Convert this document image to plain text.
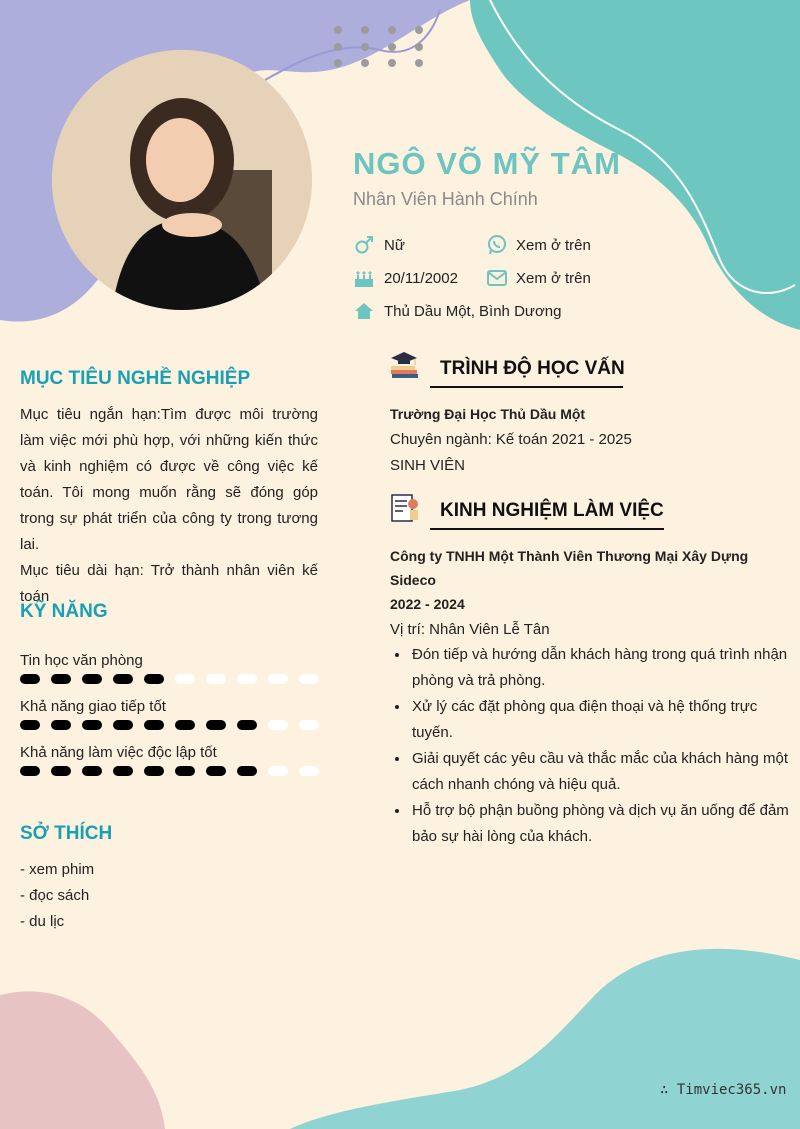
NGÔ VÕ MỸ TÂM
Nhân Viên Hành Chính
Nữ	Xem ở trên
20/11/2002	Xem ở trên
Thủ Dầu Một, Bình Dương
MỤC TIÊU NGHỀ NGHIỆP

Mục tiêu ngắn hạn:Tìm được môi trường làm việc mới phù hợp, với những kiến thức và kinh nghiệm có được về công việc kế toán. Tôi mong muốn rằng sẽ đóng góp trong sự phát triển của công ty trong tương lai.

Mục tiêu dài hạn: Trở thành nhân viên kế toán

KỸ NĂNG
Tin học văn phòng
Khả năng giao tiếp tốt
Khả năng làm việc độc lập tốt
SỞ THÍCH
- xem phim
- đọc sách
- du lịc
TRÌNH ĐỘ HỌC VẤN
Trường Đại Học Thủ Dầu Một
Chuyên ngành: Kế toán 2021 - 2025
SINH VIÊN
KINH NGHIỆM LÀM VIỆC
Công ty TNHH Một Thành Viên Thương Mại Xây Dựng Sideco
2022 - 2024
Vị trí: Nhân Viên Lễ Tân
• Đón tiếp và hướng dẫn khách hàng trong quá trình nhận phòng và trả phòng.
• Xử lý các đặt phòng qua điện thoại và hệ thống trực tuyến.
• Giải quyết các yêu cầu và thắc mắc của khách hàng một cách nhanh chóng và hiệu quả.
• Hỗ trợ bộ phận buồng phòng và dịch vụ ăn uống để đảm bảo sự hài lòng của khách.
∴ Timviec365.vn
